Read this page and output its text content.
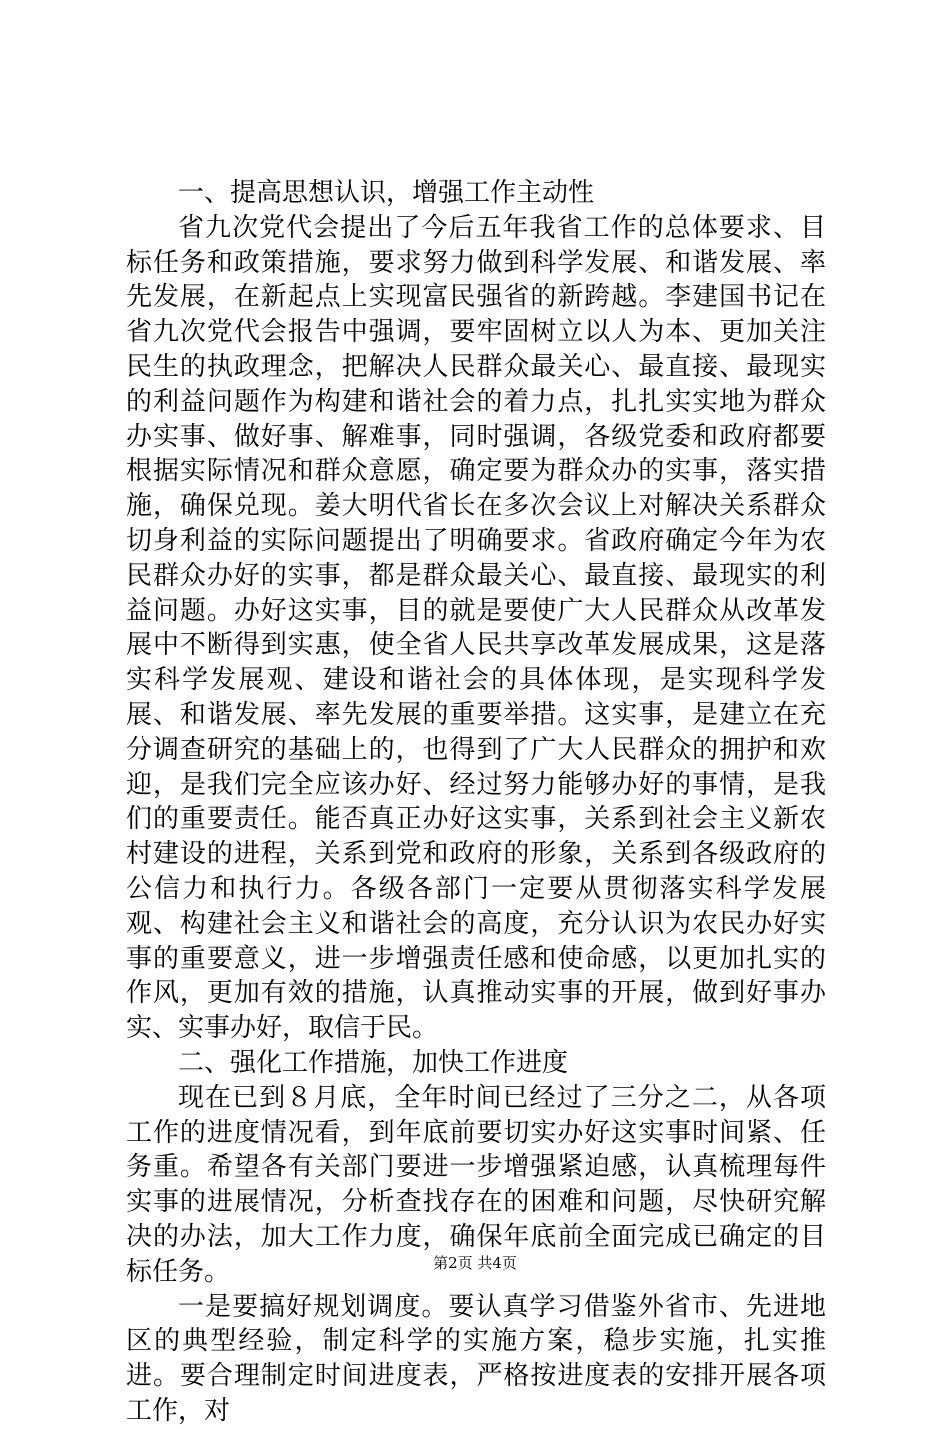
一、提高思想认识，增强工作主动性

省九次党代会提出了今后五年我省工作的总体要求、目标任务和政策措施，要求努力做到科学发展、和谐发展、率先发展，在新起点上实现富民强省的新跨越。李建国书记在省九次党代会报告中强调，要牢固树立以人为本、更加关注民生的执政理念，把解决人民群众最关心、最直接、最现实的利益问题作为构建和谐社会的着力点，扎扎实实地为群众办实事、做好事、解难事，同时强调，各级党委和政府都要根据实际情况和群众意愿，确定要为群众办的实事，落实措施，确保兑现。姜大明代省长在多次会议上对解决关系群众切身利益的实际问题提出了明确要求。省政府确定今年为农民群众办好的实事，都是群众最关心、最直接、最现实的利益问题。办好这实事，目的就是要使广大人民群众从改革发展中不断得到实惠，使全省人民共享改革发展成果，这是落实科学发展观、建设和谐社会的具体体现，是实现科学发展、和谐发展、率先发展的重要举措。这实事，是建立在充分调查研究的基础上的，也得到了广大人民群众的拥护和欢迎，是我们完全应该办好、经过努力能够办好的事情，是我们的重要责任。能否真正办好这实事，关系到社会主义新农村建设的进程，关系到党和政府的形象，关系到各级政府的公信力和执行力。各级各部门一定要从贯彻落实科学发展观、构建社会主义和谐社会的高度，充分认识为农民办好实事的重要意义，进一步增强责任感和使命感，以更加扎实的作风，更加有效的措施，认真推动实事的开展，做到好事办实、实事办好，取信于民。

二、强化工作措施，加快工作进度

现在已到８月底，全年时间已经过了三分之二，从各项工作的进度情况看，到年底前要切实办好这实事时间紧、任务重。希望各有关部门要进一步增强紧迫感，认真梳理每件实事的进展情况，分析查找存在的困难和问题，尽快研究解决的办法，加大工作力度，确保年底前全面完成已确定的目标任务。

一是要搞好规划调度。要认真学习借鉴外省市、先进地区的典型经验，制定科学的实施方案，稳步实施，扎实推进。要合理制定时间进度表，严格按进度表的安排开展各项工作，对

第2页 共4页
